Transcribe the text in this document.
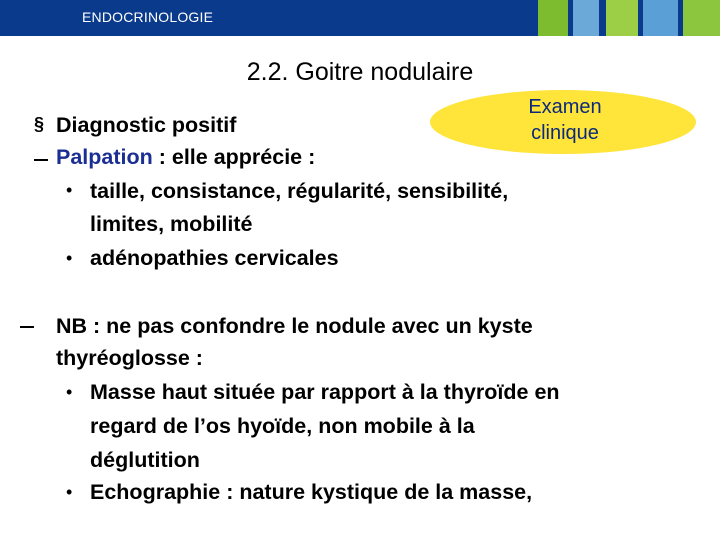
ENDOCRINOLOGIE
2.2. Goitre nodulaire
Examen
clinique
§ Diagnostic positif
Palpation : elle apprécie :
• taille, consistance, régularité, sensibilité,
limites, mobilité
• adénopathies cervicales
NB : ne pas confondre le nodule avec un kyste
thyréoglosse :
• Masse haut située par rapport à la thyroïde en
regard de l’os hyoïde, non mobile à la
déglutition
• Echographie : nature kystique de la masse,
